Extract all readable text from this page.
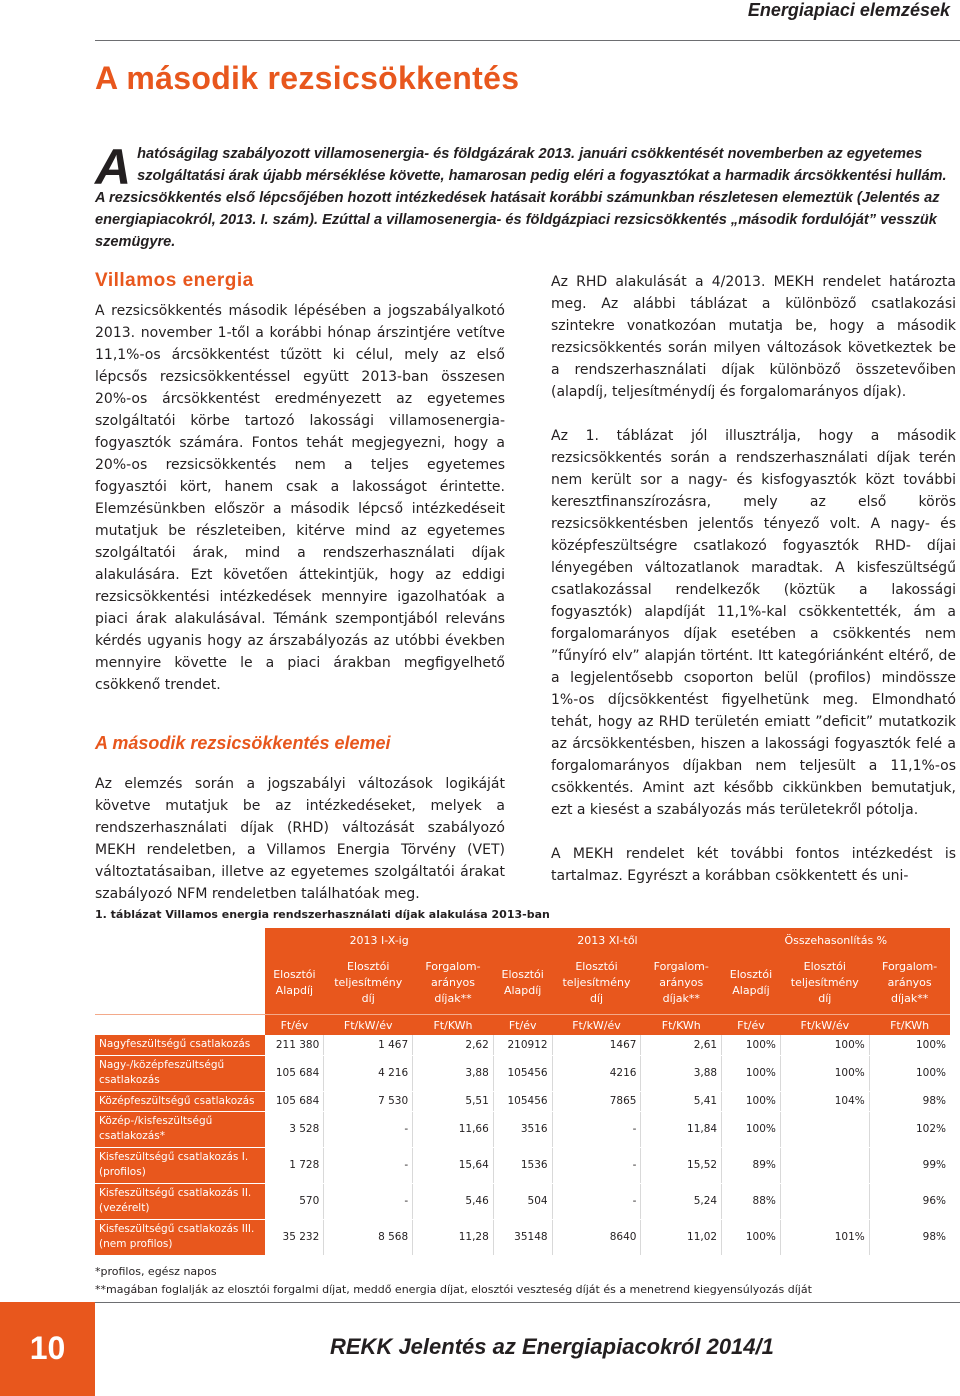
Energiapiaci elemzések
A második rezsicsökkentés
A hatóságilag szabályozott villamosenergia- és földgázárak 2013. januári csökkentését novemberben az egyetemes szolgáltatási árak újabb mérséklése követte, hamarosan pedig eléri a fogyasztókat a harmadik árcsökkentési hullám. A rezsicsökkentés első lépcsőjében hozott intézkedések hatásait korábbi számunkban részletesen elemeztük (Jelentés az energiapiacokról, 2013. I. szám). Ezúttal a villamosenergia- és földgázpiaci rezsicsökkentés „második fordulóját” vesszük szemügyre.
Villamos energia

A rezsicsökkentés második lépésében a jogszabályalkotó 2013. november 1-től a korábbi hónap árszintjére vetítve 11,1%-os árcsökkentést tűzött ki célul, mely az első lépcsős rezsicsökkentéssel együtt 2013-ban összesen 20%-os árcsökkentést eredményezett az egyetemes szolgáltatói körbe tartozó lakossági villamosenergia-fogyasztók számára. Fontos tehát megjegyezni, hogy a 20%-os rezsicsökkentés nem a teljes egyetemes fogyasztói kört, hanem csak a lakosságot érintette. Elemzésünkben először a második lépcső intézkedéseit mutatjuk be részleteiben, kitérve mind az egyetemes szolgáltatói árak, mind a rendszerhasználati díjak alakulására. Ezt követően áttekintjük, hogy az eddigi rezsicsökkentési intézkedések mennyire igazolhatóak a piaci árak alakulásával. Témánk szempontjából releváns kérdés ugyanis hogy az árszabályozás az utóbbi években mennyire követte le a piaci árakban megfigyelhető csökkenő trendet.

A második rezsicsökkentés elemei

Az elemzés során a jogszabályi változások logikáját követve mutatjuk be az intézkedéseket, melyek a rendszerhasználati díjak (RHD) változását szabályozó MEKH rendeletben, a Villamos Energia Törvény (VET) változtatásaiban, illetve az egyetemes szolgáltatói árakat szabályozó NFM rendeletben találhatóak meg.

Az RHD alakulását a 4/2013. MEKH rendelet határozta meg. Az alábbi táblázat a különböző csatlakozási szintekre vonatkozóan mutatja be, hogy a második rezsicsökkentés során milyen változások következtek be a rendszerhasználati díjak különböző összetevőiben (alapdíj, teljesítménydíj és forgalomarányos díjak).

Az 1. táblázat jól illusztrálja, hogy a második rezsicsökkentés során a rendszerhasználati díjak terén nem került sor a nagy- és kisfogyasztók közt további keresztfinanszírozásra, mely az első körös rezsicsökkentésben jelentős tényező volt. A nagy- és középfeszültségre csatlakozó fogyasztók RHD- díjai lényegében változatlanok maradtak. A kisfeszültségű csatlakozással rendelkezők (köztük a lakossági fogyasztók) alapdíját 11,1%-kal csökkentették, ám a forgalomarányos díjak esetében a csökkentés nem ”fűnyíró elv” alapján történt. Itt kategóriánként eltérő, de a legjelentősebb csoporton belül (profilos) mindössze 1%-os díjcsökkentést figyelhetünk meg. Elmondható tehát, hogy az RHD területén emiatt ”deficit” mutatkozik az árcsökkentésben, hiszen a lakossági fogyasztók felé a forgalomarányos díjakban nem teljesült a 11,1%-os csökkentés. Amint azt később cikkünkben bemutatjuk, ezt a kiesést a szabályozás más területekről pótolja.

A MEKH rendelet két további fontos intézkedést is tartalmaz. Egyrészt a korábban csökkentett és uni-

1. táblázat Villamos energia rendszerhasználati díjak alakulása 2013-ban
	2013 I-X-ig			2013 XI-től			Összehasonlítás %		
	Elosztói Alapdíj	Elosztói teljesítmény díj	Forgalom-arányos díjak**	Elosztói Alapdíj	Elosztói teljesítmény díj	Forgalom-arányos díjak**	Elosztói Alapdíj	Elosztói teljesítmény díj	Forgalom-arányos díjak**
	Ft/év	Ft/kW/év	Ft/KWh	Ft/év	Ft/kW/év	Ft/KWh	Ft/év	Ft/kW/év	Ft/KWh
Nagyfeszültségű csatlakozás	211 380	1 467	2,62	210912	1467	2,61	100%	100%	100%
Nagy-/középfeszültségű csatlakozás	105 684	4 216	3,88	105456	4216	3,88	100%	100%	100%
Középfeszültségű csatlakozás	105 684	7 530	5,51	105456	7865	5,41	100%	104%	98%
Közép-/kisfeszültségű csatlakozás*	3 528	-	11,66	3516	-	11,84	100%		102%
Kisfeszültségű csatlakozás I. (profilos)	1 728	-	15,64	1536	-	15,52	89%		99%
Kisfeszültségű csatlakozás II. (vezérelt)	570	-	5,46	504	-	5,24	88%		96%
Kisfeszültségű csatlakozás III. (nem profilos)	35 232	8 568	11,28	35148	8640	11,02	100%	101%	98%
*profilos, egész napos
**magában foglalják az elosztói forgalmi díjat, meddő energia díjat, elosztói veszteség díját és a menetrend kiegyensúlyozás díját
10	REKK Jelentés az Energiapiacokról 2014/1
